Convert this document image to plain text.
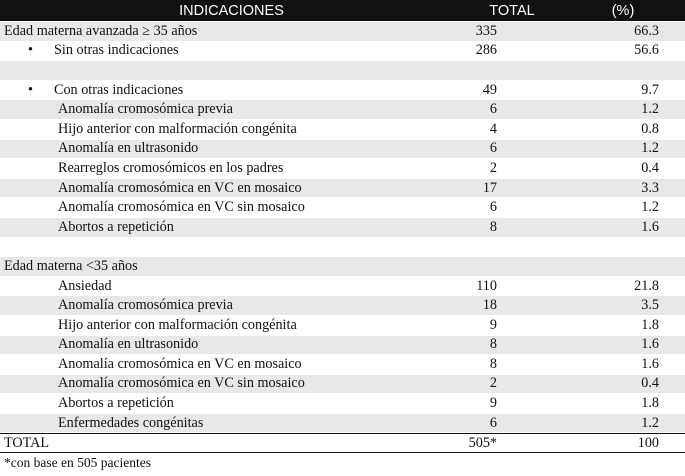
INDICACIONES	TOTAL	(%)
Edad materna avanzada ≥ 35 años	335	66.3
• Sin otras indicaciones	286	56.6
• Con otras indicaciones	49	9.7
Anomalía cromosómica previa	6	1.2
Hijo anterior con malformación congénita	4	0.8
Anomalía en ultrasonido	6	1.2
Rearreglos cromosómicos en los padres	2	0.4
Anomalía cromosómica en VC en mosaico	17	3.3
Anomalía cromosómica en VC sin mosaico	6	1.2
Abortos a repetición	8	1.6
Edad materna <35 años
Ansiedad	110	21.8
Anomalía cromosómica previa	18	3.5
Hijo anterior con malformación congénita	9	1.8
Anomalía en ultrasonido	8	1.6
Anomalía cromosómica en VC en mosaico	8	1.6
Anomalía cromosómica en VC sin mosaico	2	0.4
Abortos a repetición	9	1.8
Enfermedades congénitas	6	1.2
TOTAL	505*	100
*con base en 505 pacientes
